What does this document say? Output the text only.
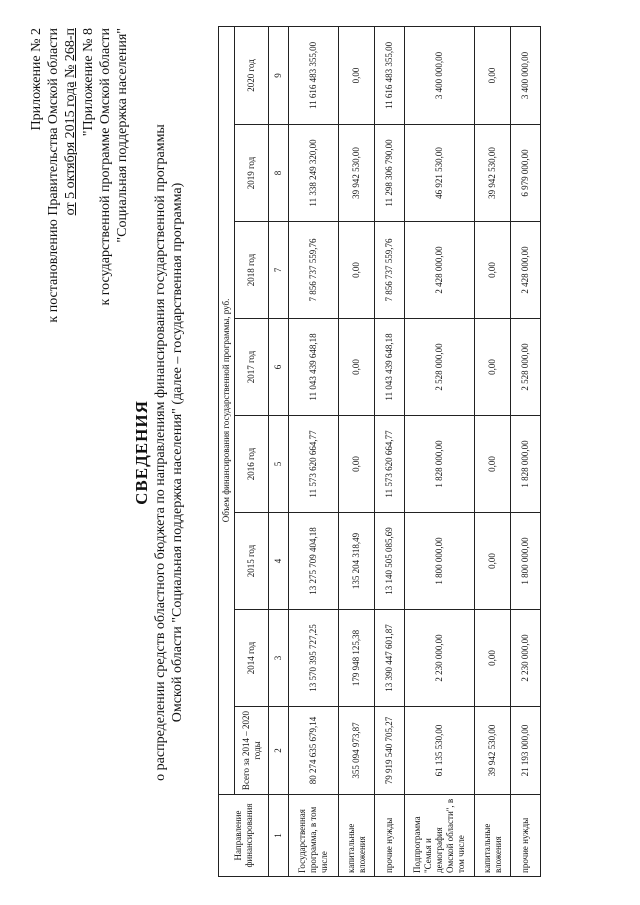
Приложение № 2 к постановлению Правительства Омской области от 5 октября 2015 года № 268-п "Приложение № 8 к государственной программе Омской области "Социальная поддержка населения"
СВЕДЕНИЯ о распределении средств областного бюджета по направлениям финансирования государственной программы Омской области "Социальная поддержка населения" (далее – государственная программа)
Направление финансирования	Объем финансирования государственной программы, руб.							
	Всего за 2014 – 2020 годы	2014 год	2015 год	2016 год	2017 год	2018 год	2019 год	2020 год
1	2	3	4	5	6	7	8	9
Государственная программа, в том числе	80 274 635 679,14	13 570 395 727,25	13 275 709 404,18	11 573 620 664,77	11 043 439 648,18	7 856 737 559,76	11 338 249 320,00	11 616 483 355,00
капитальные вложения	355 094 973,87	179 948 125,38	135 204 318,49	0,00	0,00	0,00	39 942 530,00	0,00
прочие нужды	79 919 540 705,27	13 390 447 601,87	13 140 505 085,69	11 573 620 664,77	11 043 439 648,18	7 856 737 559,76	11 298 306 790,00	11 616 483 355,00
Подпрограмма "Семья и демография Омской области", в том числе	61 135 530,00	2 230 000,00	1 800 000,00	1 828 000,00	2 528 000,00	2 428 000,00	46 921 530,00	3 400 000,00
капитальные вложения	39 942 530,00	0,00	0,00	0,00	0,00	0,00	39 942 530,00	0,00
прочие нужды	21 193 000,00	2 230 000,00	1 800 000,00	1 828 000,00	2 528 000,00	2 428 000,00	6 979 000,00	3 400 000,00
